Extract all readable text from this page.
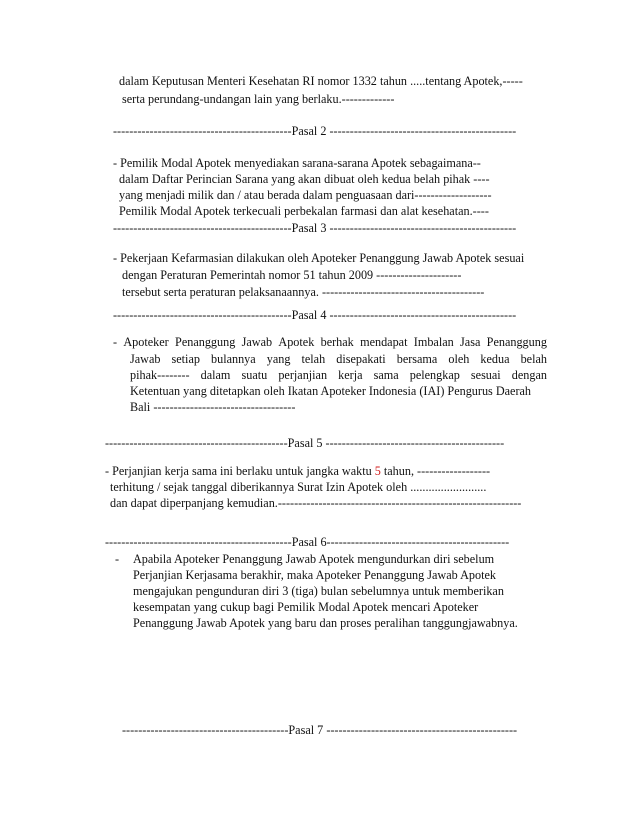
dalam Keputusan Menteri Kesehatan RI nomor 1332 tahun .....tentang Apotek,-----
serta perundang-undangan lain yang berlaku.-------------
--------------------------------------------Pasal 2 ----------------------------------------------
- Pemilik Modal Apotek menyediakan sarana-sarana Apotek sebagaimana--
dalam Daftar Perincian Sarana yang akan dibuat oleh kedua belah pihak ----
yang menjadi milik dan / atau berada dalam penguasaan dari-------------------
Pemilik Modal Apotek terkecuali perbekalan farmasi dan alat kesehatan.----
--------------------------------------------Pasal 3 ----------------------------------------------
- Pekerjaan Kefarmasian dilakukan oleh Apoteker Penanggung Jawab Apotek sesuai
dengan Peraturan Pemerintah nomor 51 tahun 2009 ---------------------
tersebut serta peraturan pelaksanaannya. ----------------------------------------
--------------------------------------------Pasal 4 ----------------------------------------------
- Apoteker Penanggung Jawab Apotek berhak mendapat Imbalan Jasa Penanggung
Jawab setiap bulannya yang telah disepakati bersama oleh kedua belah
pihak-------- dalam suatu perjanjian kerja sama pelengkap sesuai dengan
Ketentuan yang ditetapkan oleh Ikatan Apoteker Indonesia (IAI) Pengurus Daerah
Bali -----------------------------------
---------------------------------------------Pasal 5 --------------------------------------------
- Perjanjian kerja sama ini berlaku untuk jangka waktu 5 tahun, ------------------
terhitung / sejak tanggal diberikannya Surat Izin Apotek oleh .........................
dan dapat diperpanjang kemudian.------------------------------------------------------------
----------------------------------------------Pasal 6---------------------------------------------
- Apabila Apoteker Penanggung Jawab Apotek mengundurkan diri sebelum
Perjanjian Kerjasama berakhir, maka Apoteker Penanggung Jawab Apotek
mengajukan pengunduran diri 3 (tiga) bulan sebelumnya untuk memberikan
kesempatan yang cukup bagi Pemilik Modal Apotek mencari Apoteker
Penanggung Jawab Apotek yang baru dan proses peralihan tanggungjawabnya.
-----------------------------------------Pasal 7 -----------------------------------------------
